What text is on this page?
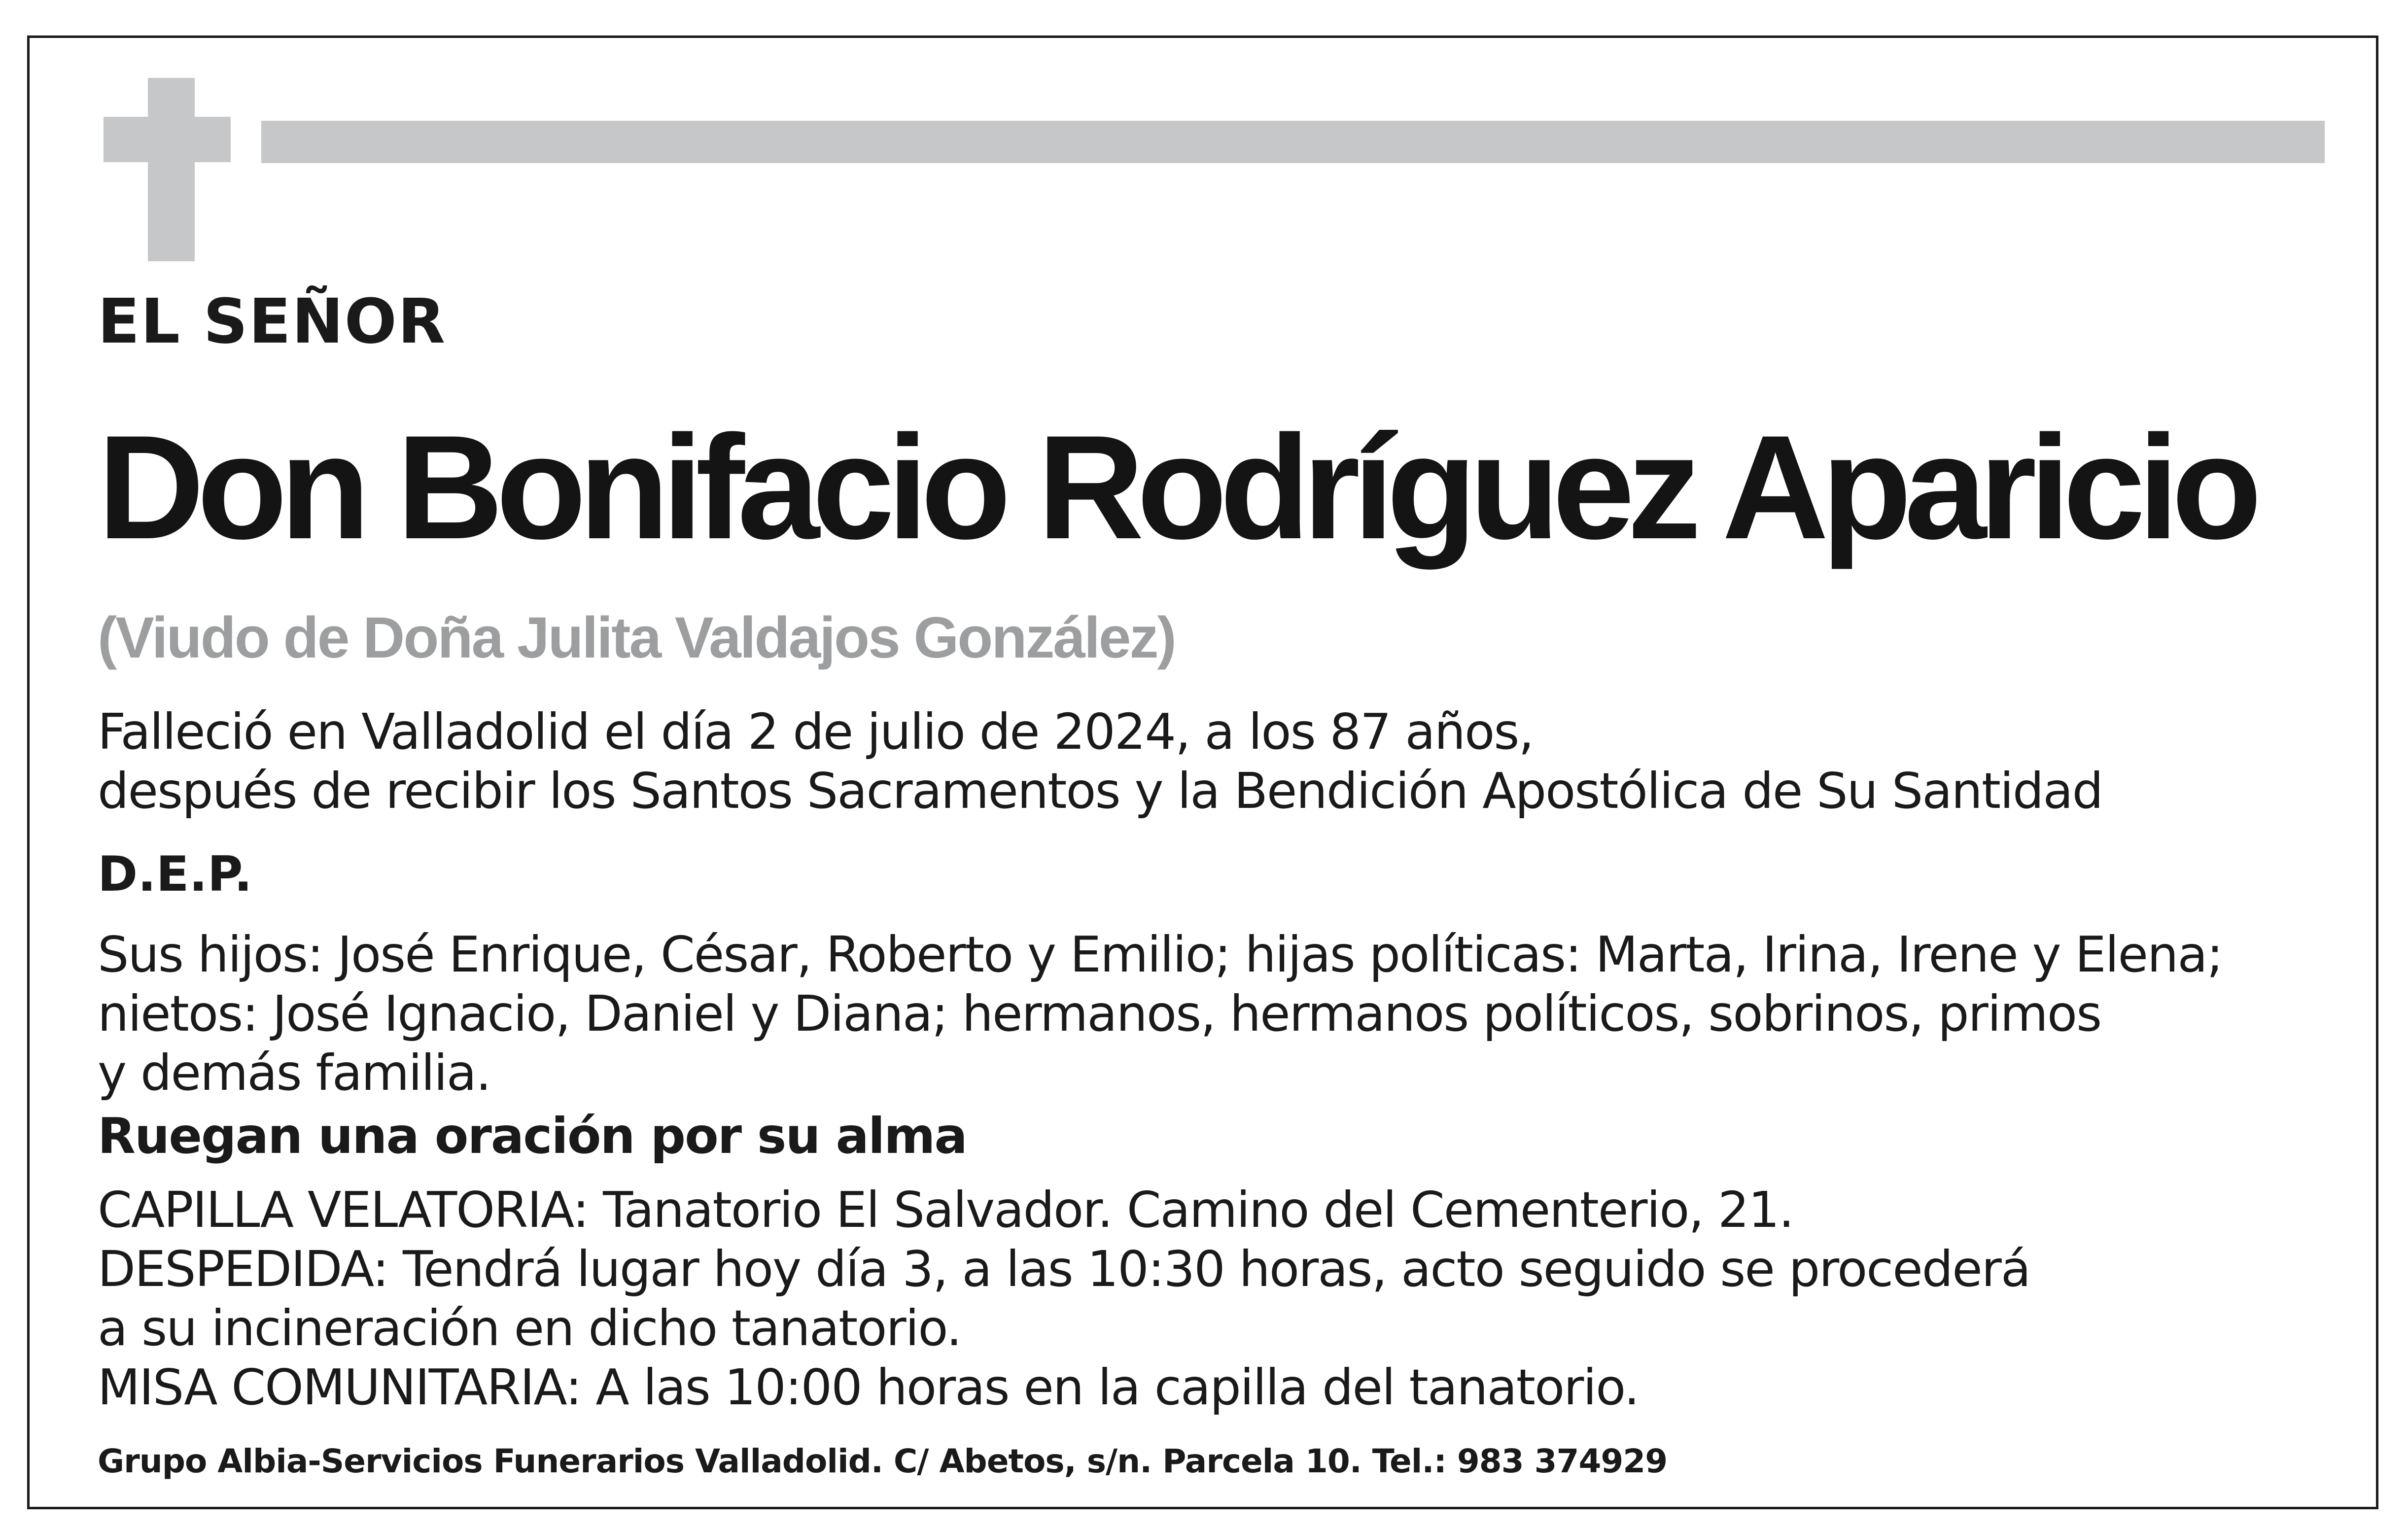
EL SEÑOR

Don Bonifacio Rodríguez Aparicio

(Viudo de Doña Julita Valdajos González)

Falleció en Valladolid el día 2 de julio de 2024, a los 87 años,
después de recibir los Santos Sacramentos y la Bendición Apostólica de Su Santidad

D.E.P.

Sus hijos: José Enrique, César, Roberto y Emilio; hijas políticas: Marta, Irina, Irene y Elena;
nietos: José Ignacio, Daniel y Diana; hermanos, hermanos políticos, sobrinos, primos
y demás familia.

Ruegan una oración por su alma

CAPILLA VELATORIA: Tanatorio El Salvador. Camino del Cementerio, 21.
DESPEDIDA: Tendrá lugar hoy día 3, a las 10:30 horas, acto seguido se procederá
a su incineración en dicho tanatorio.
MISA COMUNITARIA: A las 10:00 horas en la capilla del tanatorio.

Grupo Albia-Servicios Funerarios Valladolid. C/ Abetos, s/n. Parcela 10. Tel.: 983 374929
